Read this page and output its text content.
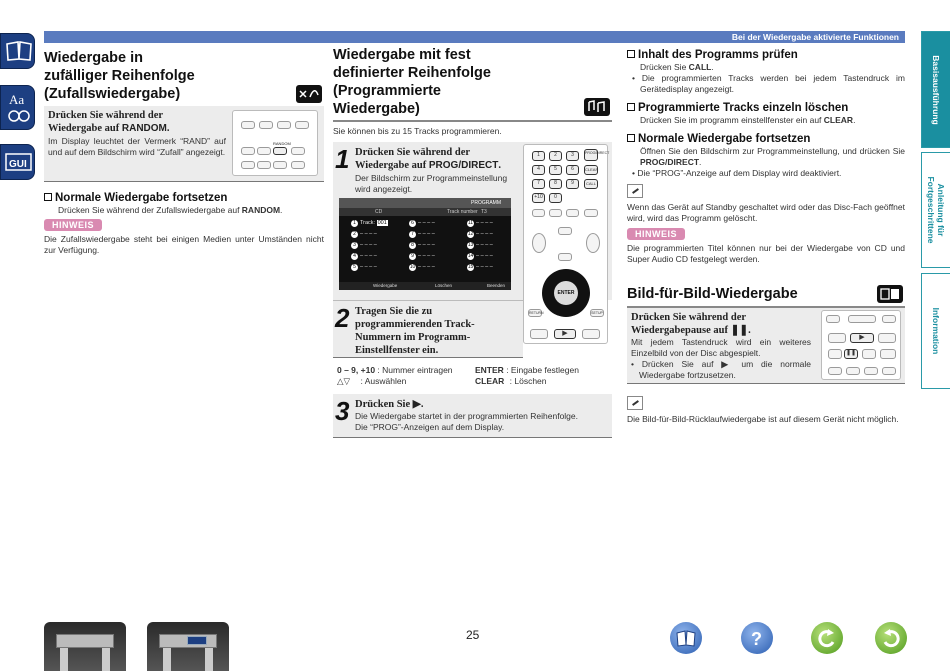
Bei der Wiedergabe aktivierte Funktionen
Aa
GUI
Basisausführung
Anleitung für Fortgeschrittene
Information
Wiedergabe in
zufälliger Reihenfolge
(Zufallswiedergabe)
Drücken Sie während der
Wiedergabe auf RANDOM.
Im Display leuchtet der Vermerk “RAND” auf und auf dem Bildschirm wird “Zufall” angezeigt.
RANDOM
Normale Wiedergabe fortsetzen
Drücken Sie während der Zufallswiedergabe auf RANDOM.
HINWEIS
Die Zufallswiedergabe steht bei einigen Medien unter Umständen nicht zur Verfügung.
Wiedergabe mit fest
definierter Reihenfolge
(Programmierte
Wiedergabe)
Sie können bis zu 15 Tracks programmieren.
1 Drücken Sie während der
Wiedergabe auf PROG/DIRECT.
Der Bildschirm zur Programmeinstellung wird angezeigt.
PROGRAMM
CD	Track number T3
1 Track: 001
2 – – – –
3 – – – –
4 – – – –
5 – – – –
6 – – – –
7 – – – –
8 – – – –
9 – – – –
10 – – – –
11 – – – –
12 – – – –
13 – – – –
14 – – – –
15 – – – –
Wiedergabe	Löschen	Beenden
1	2	3	PROG/DIRECT
4	5	6	CLEAR
7	8	9	CALL
+10	0
ENTER
RETURN	SETUP
▶
2 Tragen Sie die zu
programmierenden Track-
Nummern im Programm-
Einstellfenster ein.
0 – 9, +10 : Nummer eintragen
△▽ : Auswählen
ENTER : Eingabe festlegen
CLEAR : Löschen
3 Drücken Sie ▶.
Die Wiedergabe startet in der programmierten Reihenfolge.
Die “PROG”-Anzeigen auf dem Display.
Inhalt des Programms prüfen
Drücken Sie CALL.
• Die programmierten Tracks werden bei jedem Tastendruck im Gerätedisplay angezeigt.
Programmierte Tracks einzeln löschen
Drücken Sie im programm einstellfenster ein auf CLEAR.
Normale Wiedergabe fortsetzen
Öffnen Sie den Bildschirm zur Programmeinstellung, und drücken Sie PROG/DIRECT.
• Die “PROG”-Anzeige auf dem Display wird deaktiviert.
Wenn das Gerät auf Standby geschaltet wird oder das Disc-Fach geöffnet wird, wird das Programm gelöscht.
HINWEIS
Die programmierten Titel können nur bei der Wiedergabe von CD und Super Audio CD festgelegt werden.
Bild-für-Bild-Wiedergabe
Drücken Sie während der
Wiedergabepause auf ❚❚.
Mit jedem Tastendruck wird ein weiteres Einzelbild von der Disc abgespielt.
• Drücken Sie auf ▶ um die normale Wiedergabe fortzusetzen.
▶
❚❚
Die Bild-für-Bild-Rücklaufwiedergabe ist auf diesem Gerät nicht möglich.
25	?
